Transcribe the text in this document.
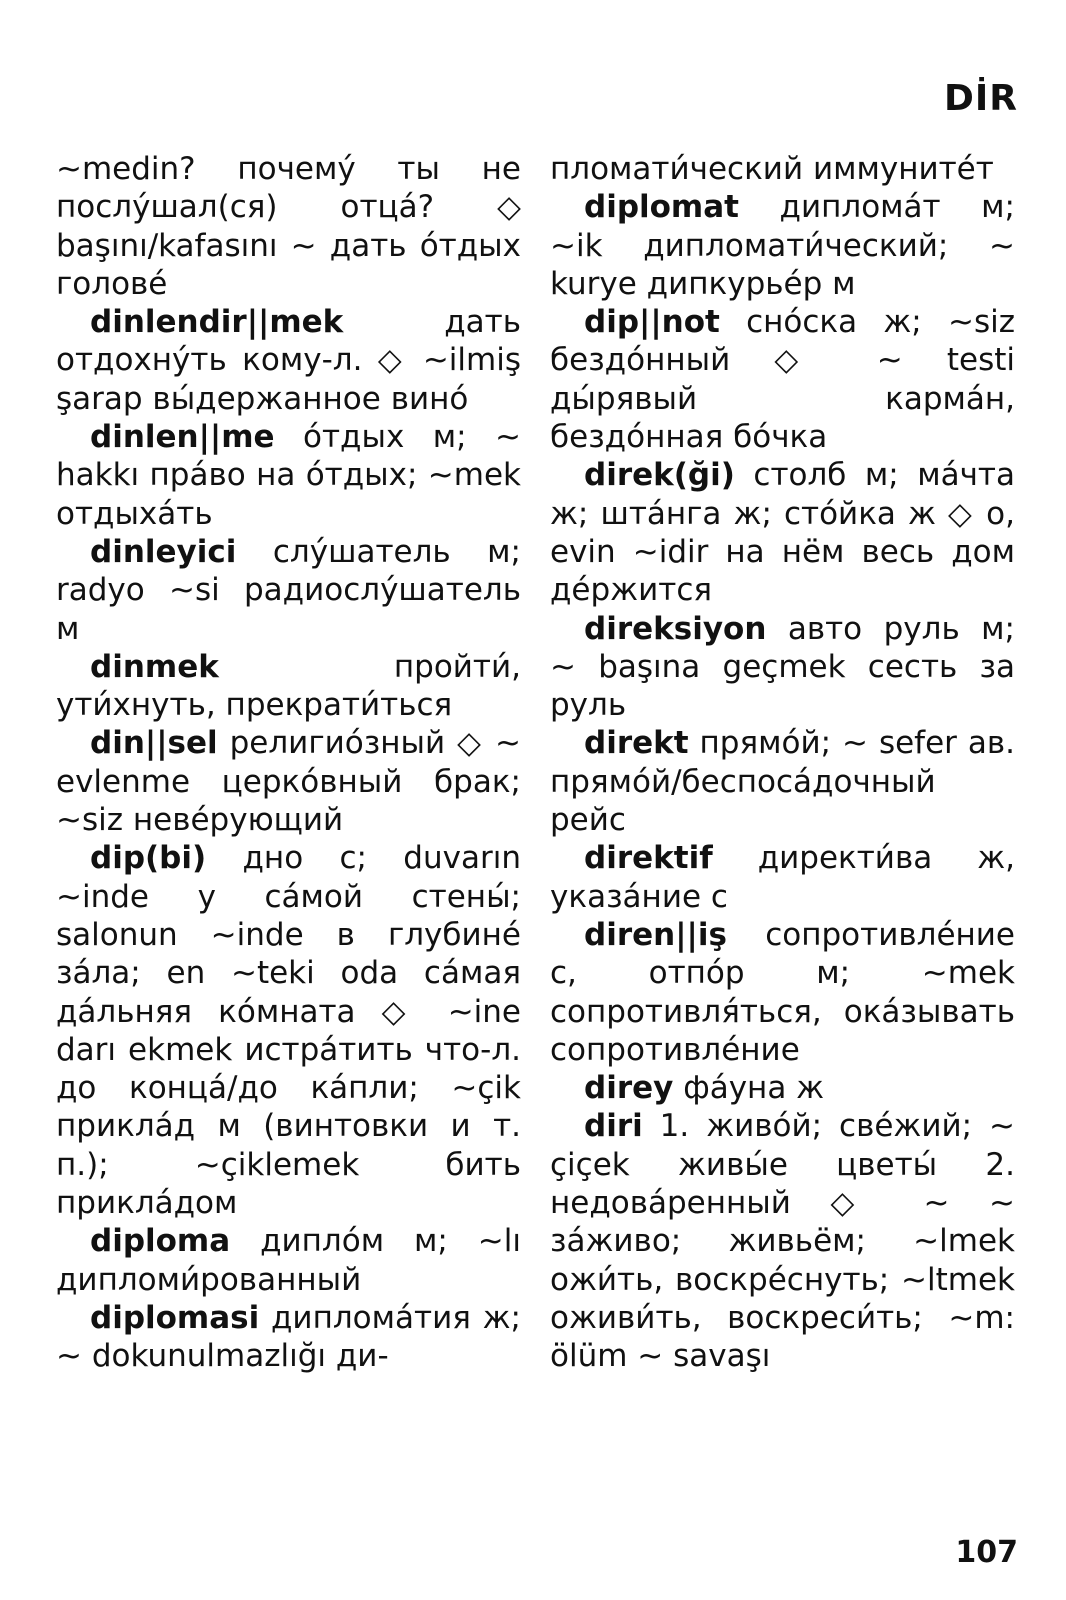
DİR

~medin? почему́ ты не послу́шал(ся) отца́? ◇ başını/kafasını ~ дать о́тдых голове́

dinlendir||mek дать отдохну́ть кому-л. ◇ ~ilmiş şarap вы́держанное вино́

dinlen||me о́тдых м; ~ hakkı пра́во на о́тдых; ~mek отдыха́ть

dinleyici слу́шатель м; radyo ~si радиослу́шатель м

dinmek пройти́, ути́хнуть, прекрати́ться

din||sel религио́зный ◇ ~ evlenme церко́вный брак; ~siz неве́рующий

dip(bi) дно с; duvarın ~inde у са́мой стены́; salonun ~inde в глубине́ за́ла; en ~teki oda са́мая да́льняя ко́мната ◇ ~ine darı ekmek истра́тить что-л. до конца́/до ка́пли; ~çik прикла́д м (винтовки и т. п.); ~çiklemek бить прикла́дом

diploma дипло́м м; ~lı дипломи́рованный

diplomasi диплома́тия ж; ~ dokunulmazlığı ди-

пломати́ческий иммуните́т

diplomat диплома́т м; ~ik дипломати́ческий; ~ kurye дипкурье́р м

dip||not сно́ска ж; ~siz бездо́нный ◇ ~ testi ды́рявый карма́н, бездо́нная бо́чка

direk(ği) столб м; ма́чта ж; шта́нга ж; сто́йка ж ◇ o, evin ~idir на нём весь дом де́ржится

direksiyon авто руль м; ~ başına geçmek сесть за руль

direkt прямо́й; ~ sefer ав. прямо́й/беспоса́дочный рейс

direktif директи́ва ж, указа́ние с

diren||iş сопротивле́ние с, отпо́р м; ~mek сопротивля́ться, ока́зывать сопротивле́ние

direy фа́уна ж

diri 1. живо́й; све́жий; ~ çiçek живы́е цветы́ 2. недова́ренный ◇ ~ ~ за́живо; живьём; ~lmek ожи́ть, воскре́снуть; ~ltmek оживи́ть, воскреси́ть; ~m: ölüm ~ savaşı

107
